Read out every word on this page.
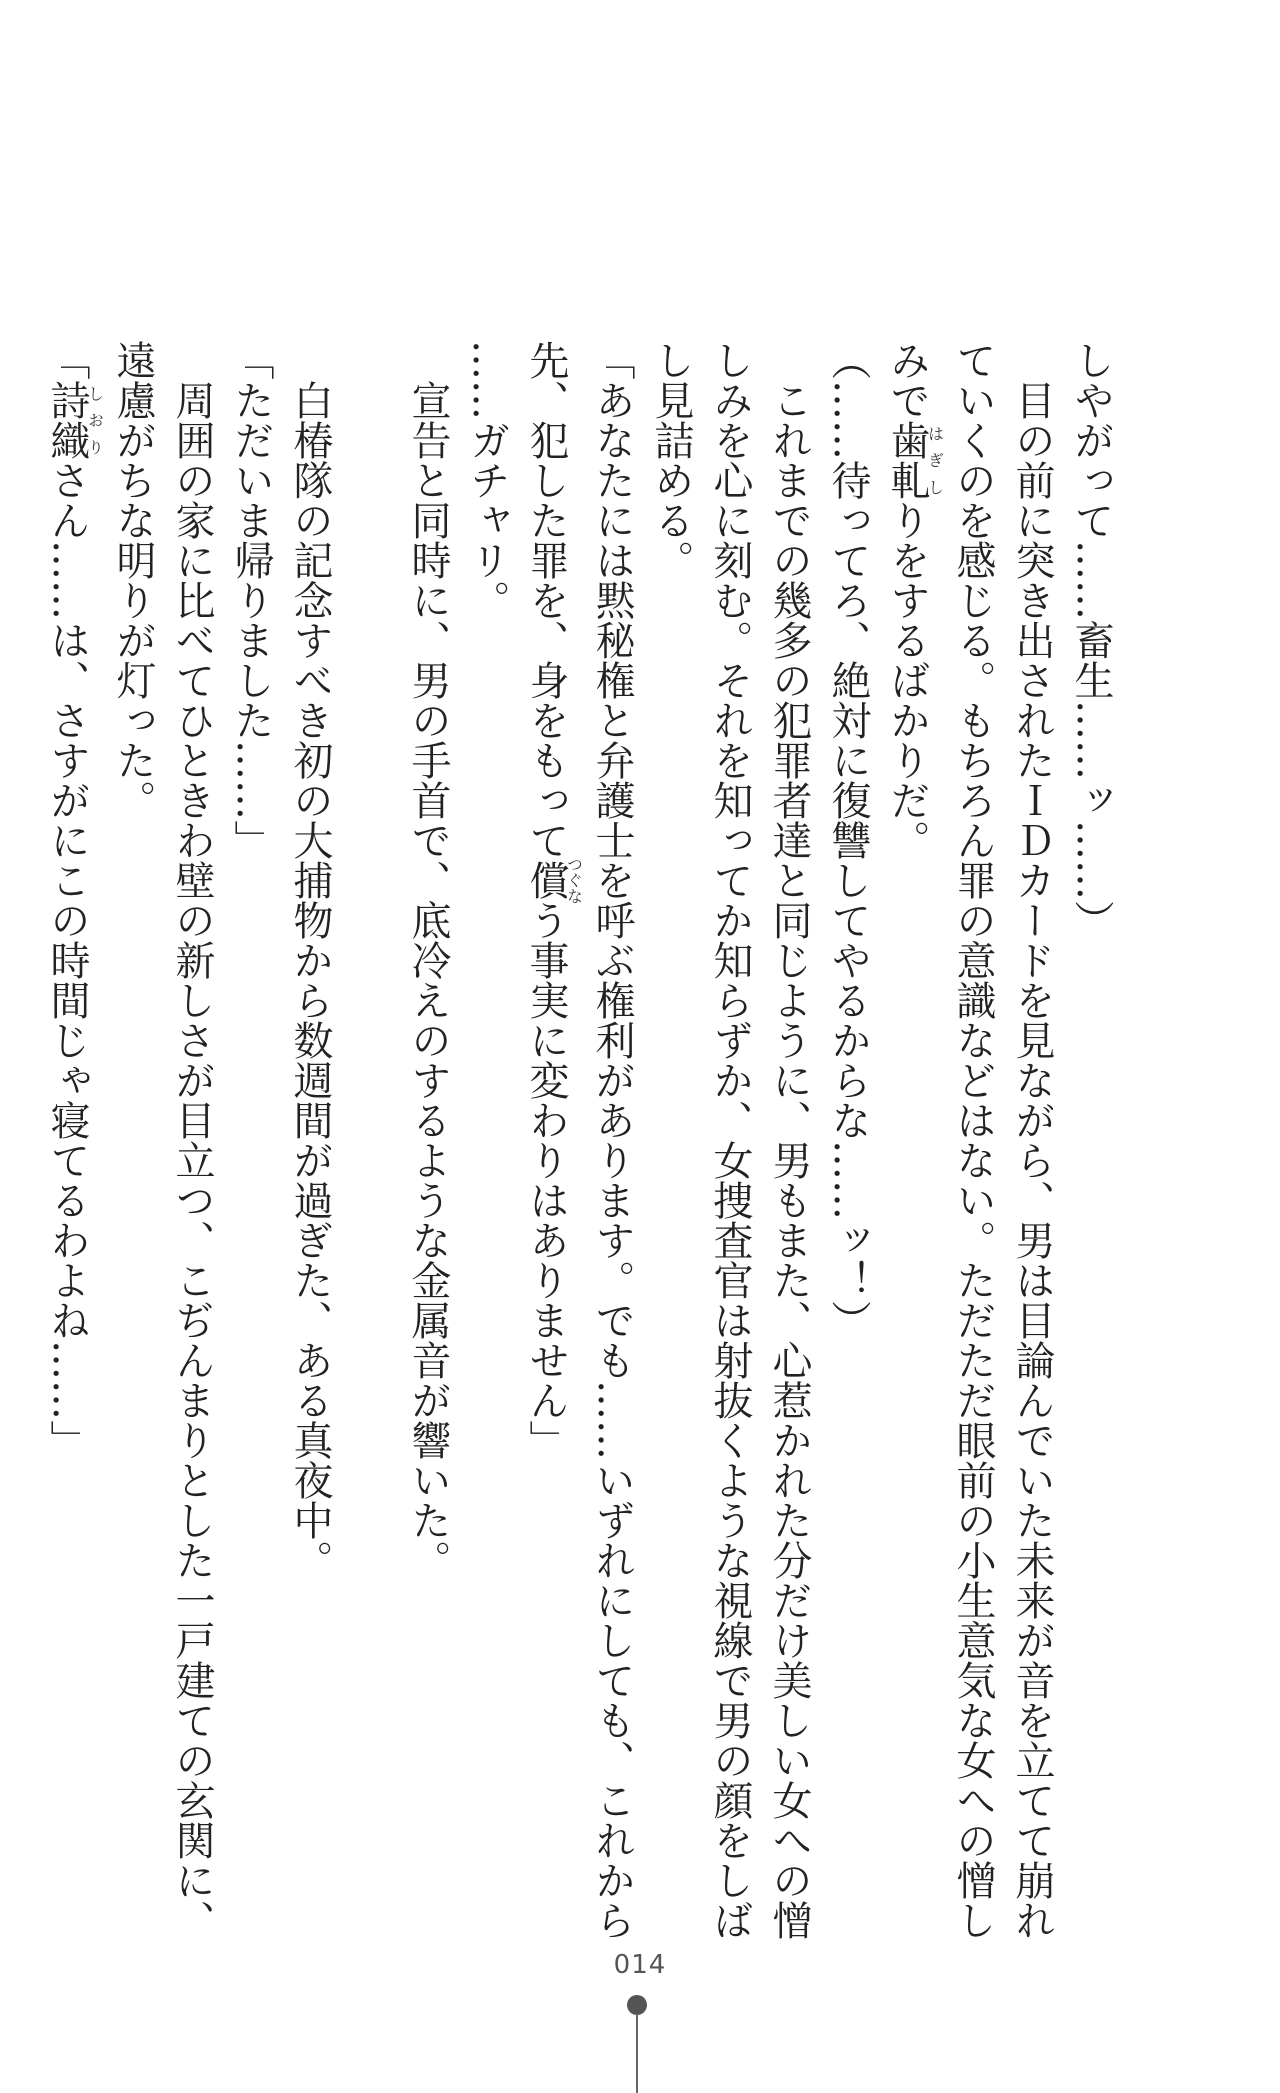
しやがって……畜生……ッ……）
目の前に突き出されたＩＤカードを見ながら、男は目論んでいた未来が音を立てて崩れ
ていくのを感じる。もちろん罪の意識などはない。ただただ眼前の小生意気な女への憎し
みで歯軋はぎしりをするばかりだ。
（……待ってろ、絶対に復讐してやるからな……ッ！）
これまでの幾多の犯罪者達と同じように、男もまた、心惹かれた分だけ美しい女への憎
しみを心に刻む。それを知ってか知らずか、女捜査官は射抜くような視線で男の顔をしば
し見詰める。
「あなたには黙秘権と弁護士を呼ぶ権利があります。でも……いずれにしても、これから
先、犯した罪を、身をもって償つぐなう事実に変わりはありません」
……ガチャリ。
宣告と同時に、男の手首で、底冷えのするような金属音が響いた。
白椿隊の記念すべき初の大捕物から数週間が過ぎた、ある真夜中。
「ただいま帰りました……」
周囲の家に比べてひときわ壁の新しさが目立つ、こぢんまりとした一戸建ての玄関に、
遠慮がちな明りが灯った。
「詩織しおりさん……は、さすがにこの時間じゃ寝てるわよね……」
014
